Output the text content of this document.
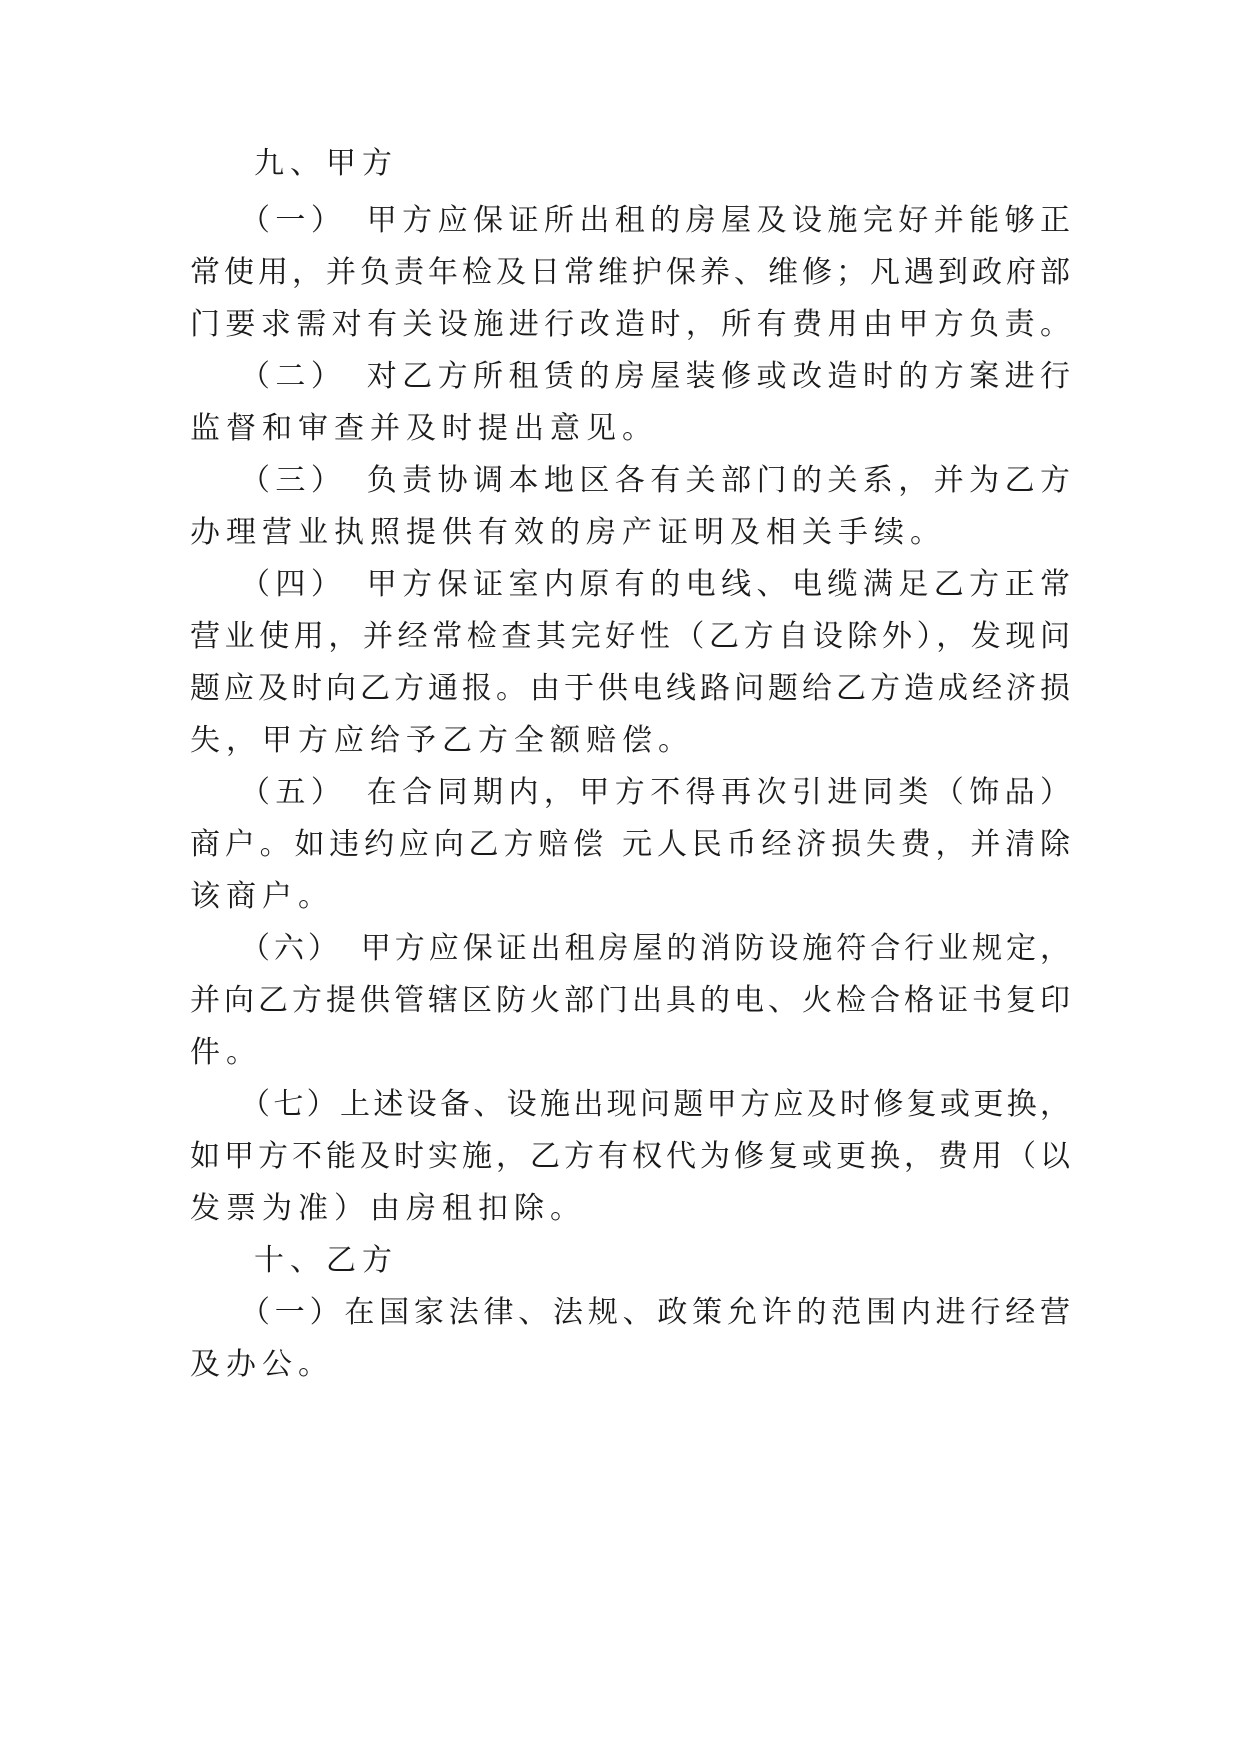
九、甲方

（一）　甲方应保证所出租的房屋及设施完好并能够正

常使用，并负责年检及日常维护保养、维修；凡遇到政府部

门要求需对有关设施进行改造时，所有费用由甲方负责。

（二）　对乙方所租赁的房屋装修或改造时的方案进行

监督和审查并及时提出意见。

（三）　负责协调本地区各有关部门的关系，并为乙方

办理营业执照提供有效的房产证明及相关手续。

（四）　甲方保证室内原有的电线、电缆满足乙方正常

营业使用，并经常检查其完好性（乙方自设除外），发现问

题应及时向乙方通报。由于供电线路问题给乙方造成经济损

失，甲方应给予乙方全额赔偿。

（五）　在合同期内，甲方不得再次引进同类（饰品）

商户。如违约应向乙方赔偿 元人民币经济损失费，并清除

该商户。

（六）　甲方应保证出租房屋的消防设施符合行业规定，

并向乙方提供管辖区防火部门出具的电、火检合格证书复印

件。

（七）上述设备、设施出现问题甲方应及时修复或更换，

如甲方不能及时实施，乙方有权代为修复或更换，费用（以

发票为准）由房租扣除。

十、乙方

（一）在国家法律、法规、政策允许的范围内进行经营

及办公。
